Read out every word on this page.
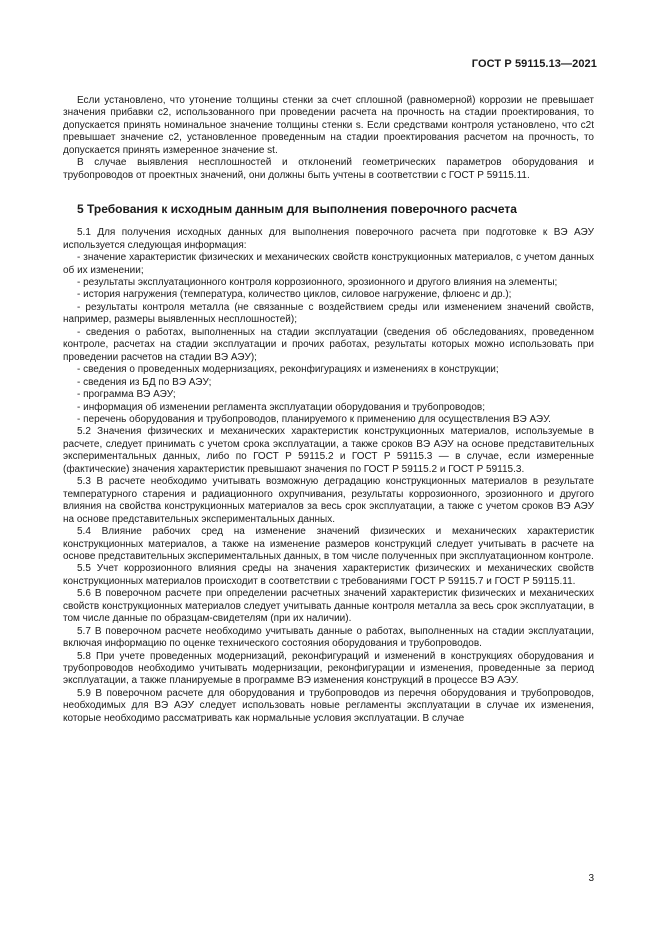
ГОСТ Р 59115.13—2021

Если установлено, что утонение толщины стенки за счет сплошной (равномерной) коррозии не превышает значения прибавки c2, использованного при проведении расчета на прочность на стадии проектирования, то допускается принять номинальное значение толщины стенки s. Если средствами контроля установлено, что c2t превышает значение c2, установленное проведенным на стадии проектирования расчетом на прочность, то допускается принять измеренное значение st.

В случае выявления несплошностей и отклонений геометрических параметров оборудования и трубопроводов от проектных значений, они должны быть учтены в соответствии с ГОСТ Р 59115.11.

5 Требования к исходным данным для выполнения поверочного расчета

5.1 Для получения исходных данных для выполнения поверочного расчета при подготовке к ВЭ АЭУ используется следующая информация:

- значение характеристик физических и механических свойств конструкционных материалов, с учетом данных об их изменении;

- результаты эксплуатационного контроля коррозионного, эрозионного и другого влияния на элементы;

- история нагружения (температура, количество циклов, силовое нагружение, флюенс и др.);

- результаты контроля металла (не связанные с воздействием среды или изменением значений свойств, например, размеры выявленных несплошностей);

- сведения о работах, выполненных на стадии эксплуатации (сведения об обследованиях, проведенном контроле, расчетах на стадии эксплуатации и прочих работах, результаты которых можно использовать при проведении расчетов на стадии ВЭ АЭУ);

- сведения о проведенных модернизациях, реконфигурациях и изменениях в конструкции;

- сведения из БД по ВЭ АЭУ;

- программа ВЭ АЭУ;

- информация об изменении регламента эксплуатации оборудования и трубопроводов;

- перечень оборудования и трубопроводов, планируемого к применению для осуществления ВЭ АЭУ.

5.2 Значения физических и механических характеристик конструкционных материалов, используемые в расчете, следует принимать с учетом срока эксплуатации, а также сроков ВЭ АЭУ на основе представительных экспериментальных данных, либо по ГОСТ Р 59115.2 и ГОСТ Р 59115.3 — в случае, если измеренные (фактические) значения характеристик превышают значения по ГОСТ Р 59115.2 и ГОСТ Р 59115.3.

5.3 В расчете необходимо учитывать возможную деградацию конструкционных материалов в результате температурного старения и радиационного охрупчивания, результаты коррозионного, эрозионного и другого влияния на свойства конструкционных материалов за весь срок эксплуатации, а также с учетом сроков ВЭ АЭУ на основе представительных экспериментальных данных.

5.4 Влияние рабочих сред на изменение значений физических и механических характеристик конструкционных материалов, а также на изменение размеров конструкций следует учитывать в расчете на основе представительных экспериментальных данных, в том числе полученных при эксплуатационном контроле.

5.5 Учет коррозионного влияния среды на значения характеристик физических и механических свойств конструкционных материалов происходит в соответствии с требованиями ГОСТ Р 59115.7 и ГОСТ Р 59115.11.

5.6 В поверочном расчете при определении расчетных значений характеристик физических и механических свойств конструкционных материалов следует учитывать данные контроля металла за весь срок эксплуатации, в том числе данные по образцам-свидетелям (при их наличии).

5.7 В поверочном расчете необходимо учитывать данные о работах, выполненных на стадии эксплуатации, включая информацию по оценке технического состояния оборудования и трубопроводов.

5.8 При учете проведенных модернизаций, реконфигураций и изменений в конструкциях оборудования и трубопроводов необходимо учитывать модернизации, реконфигурации и изменения, проведенные за период эксплуатации, а также планируемые в программе ВЭ изменения конструкций в процессе ВЭ АЭУ.

5.9 В поверочном расчете для оборудования и трубопроводов из перечня оборудования и трубопроводов, необходимых для ВЭ АЭУ следует использовать новые регламенты эксплуатации в случае их изменения, которые необходимо рассматривать как нормальные условия эксплуатации. В случае

3
